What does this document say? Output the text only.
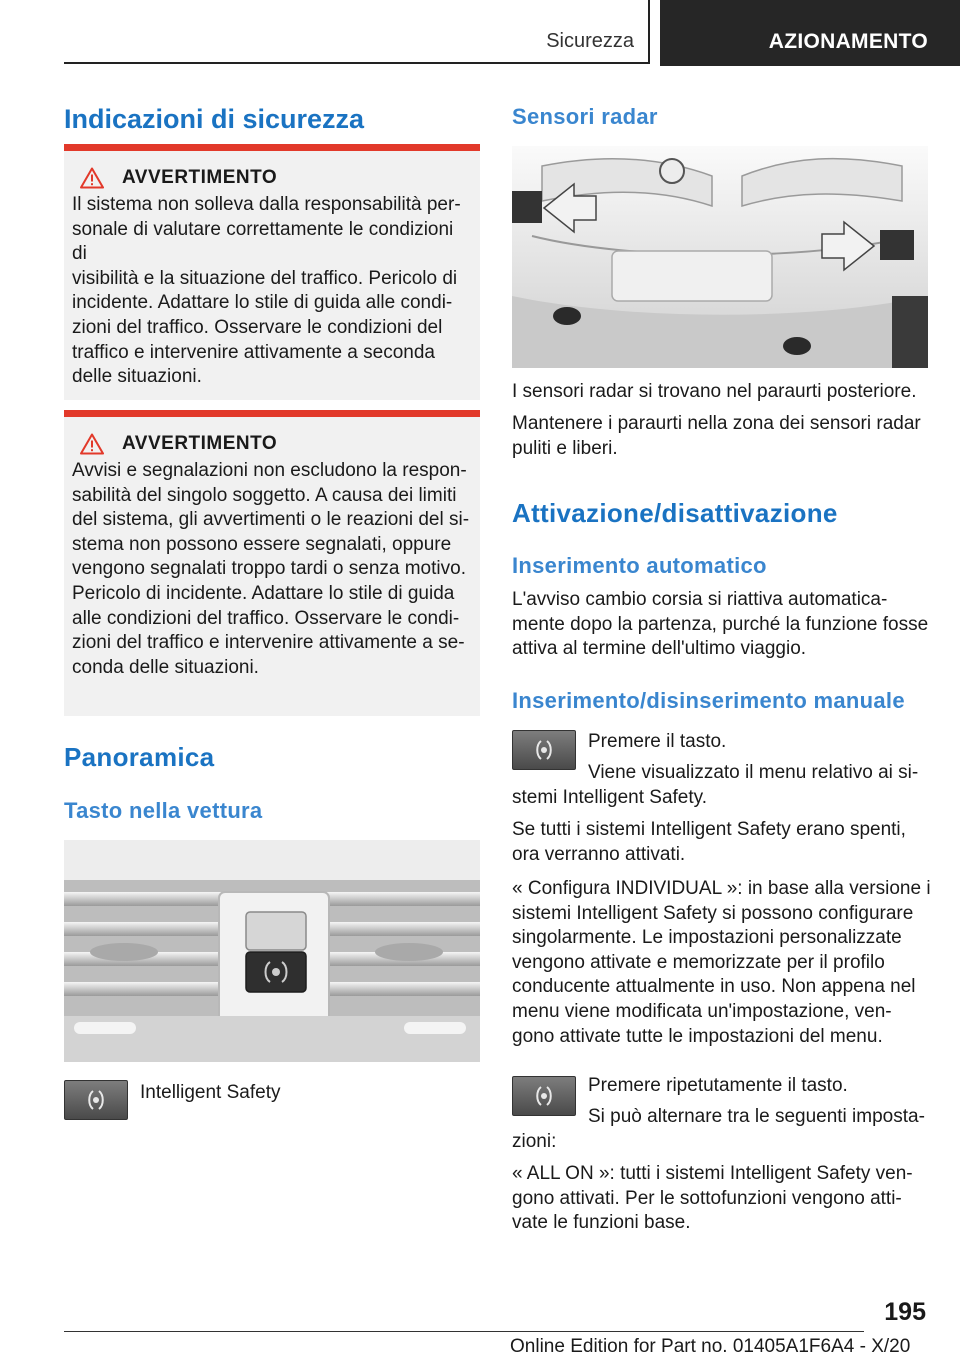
Sicurezza	AZIONAMENTO
Indicazioni di sicurezza
AVVERTIMENTO
Il sistema non solleva dalla responsabilità per-
sonale di valutare correttamente le condizioni di
visibilità e la situazione del traffico. Pericolo di
incidente. Adattare lo stile di guida alle condi-
zioni del traffico. Osservare le condizioni del
traffico e intervenire attivamente a seconda
delle situazioni.
AVVERTIMENTO
Avvisi e segnalazioni non escludono la respon-
sabilità del singolo soggetto. A causa dei limiti
del sistema, gli avvertimenti o le reazioni del si-
stema non possono essere segnalati, oppure
vengono segnalati troppo tardi o senza motivo.
Pericolo di incidente. Adattare lo stile di guida
alle condizioni del traffico. Osservare le condi-
zioni del traffico e intervenire attivamente a se-
conda delle situazioni.
Panoramica
Tasto nella vettura
Intelligent Safety
Sensori radar
I sensori radar si trovano nel paraurti posteriore.
Mantenere i paraurti nella zona dei sensori radar
puliti e liberi.
Attivazione/disattivazione
Inserimento automatico
L'avviso cambio corsia si riattiva automatica-
mente dopo la partenza, purché la funzione fosse
attiva al termine dell'ultimo viaggio.
Inserimento/disinserimento manuale
Premere il tasto.
Viene visualizzato il menu relativo ai si-
stemi Intelligent Safety.
Se tutti i sistemi Intelligent Safety erano spenti,
ora verranno attivati.
« Configura INDIVIDUAL »: in base alla versione i
sistemi Intelligent Safety si possono configurare
singolarmente. Le impostazioni personalizzate
vengono attivate e memorizzate per il profilo
conducente attualmente in uso. Non appena nel
menu viene modificata un'impostazione, ven-
gono attivate tutte le impostazioni del menu.
Premere ripetutamente il tasto.
Si può alternare tra le seguenti imposta-
zioni:
« ALL ON »: tutti i sistemi Intelligent Safety ven-
gono attivati. Per le sottofunzioni vengono atti-
vate le funzioni base.
195
Online Edition for Part no. 01405A1F6A4 - X/20
